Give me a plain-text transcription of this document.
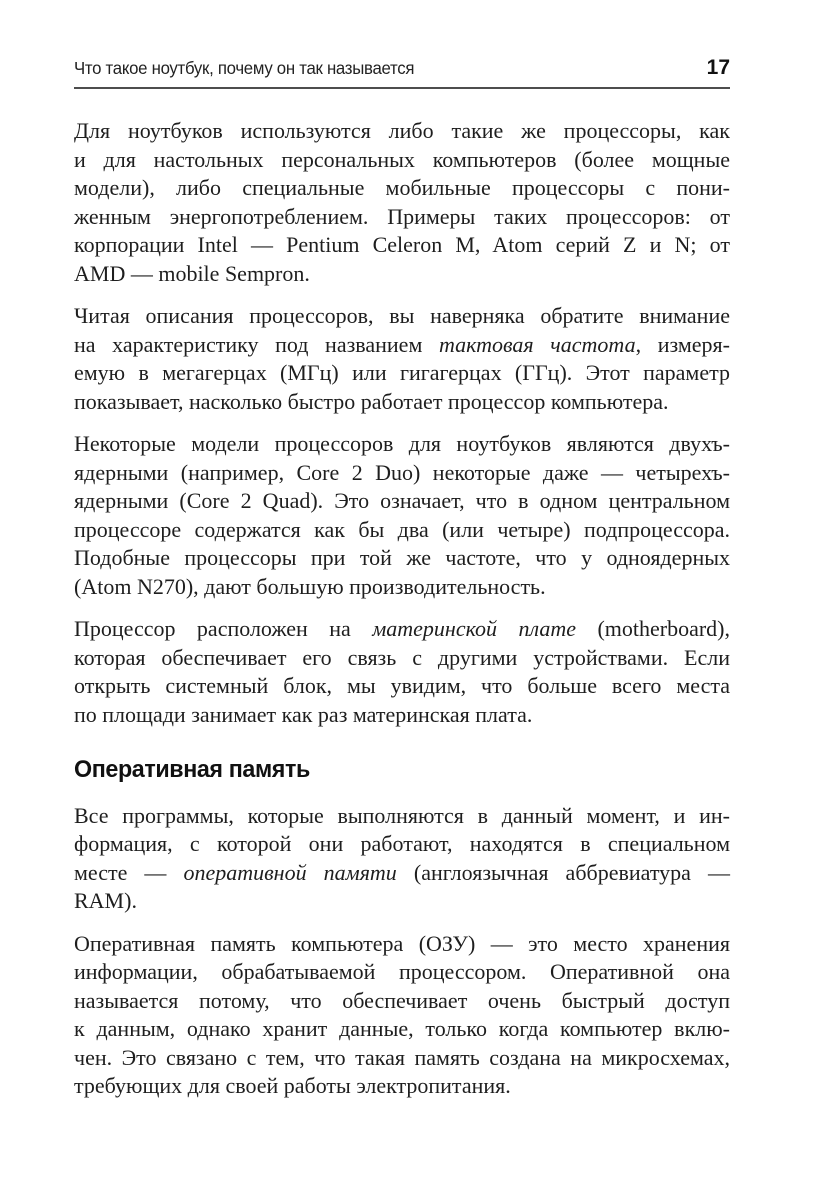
Что такое ноутбук, почему он так называется	17
Для ноутбуков используются либо такие же процессоры, как
и для настольных персональных компьютеров (более мощные
модели), либо специальные мобильные процессоры с пони-
женным энергопотреблением. Примеры таких процессоров: от
корпорации Intel — Pentium Celeron M, Atom серий Z и N; от
AMD — mobile Sempron.
Читая описания процессоров, вы наверняка обратите внимание
на характеристику под названием тактовая частота, измеря-
емую в мегагерцах (МГц) или гигагерцах (ГГц). Этот параметр
показывает, насколько быстро работает процессор компьютера.
Некоторые модели процессоров для ноутбуков являются двухъ-
ядерными (например, Core 2 Duo) некоторые даже — четырехъ-
ядерными (Core 2 Quad). Это означает, что в одном центральном
процессоре содержатся как бы два (или четыре) подпроцессора.
Подобные процессоры при той же частоте, что у одноядерных
(Atom N270), дают большую производительность.
Процессор расположен на материнской плате (motherboard),
которая обеспечивает его связь с другими устройствами. Если
открыть системный блок, мы увидим, что больше всего места
по площади занимает как раз материнская плата.
Оперативная память
Все программы, которые выполняются в данный момент, и ин-
формация, с которой они работают, находятся в специальном
месте — оперативной памяти (англоязычная аббревиатура —
RAM).
Оперативная память компьютера (ОЗУ) — это место хранения
информации, обрабатываемой процессором. Оперативной она
называется потому, что обеспечивает очень быстрый доступ
к данным, однако хранит данные, только когда компьютер вклю-
чен. Это связано с тем, что такая память создана на микросхемах,
требующих для своей работы электропитания.
